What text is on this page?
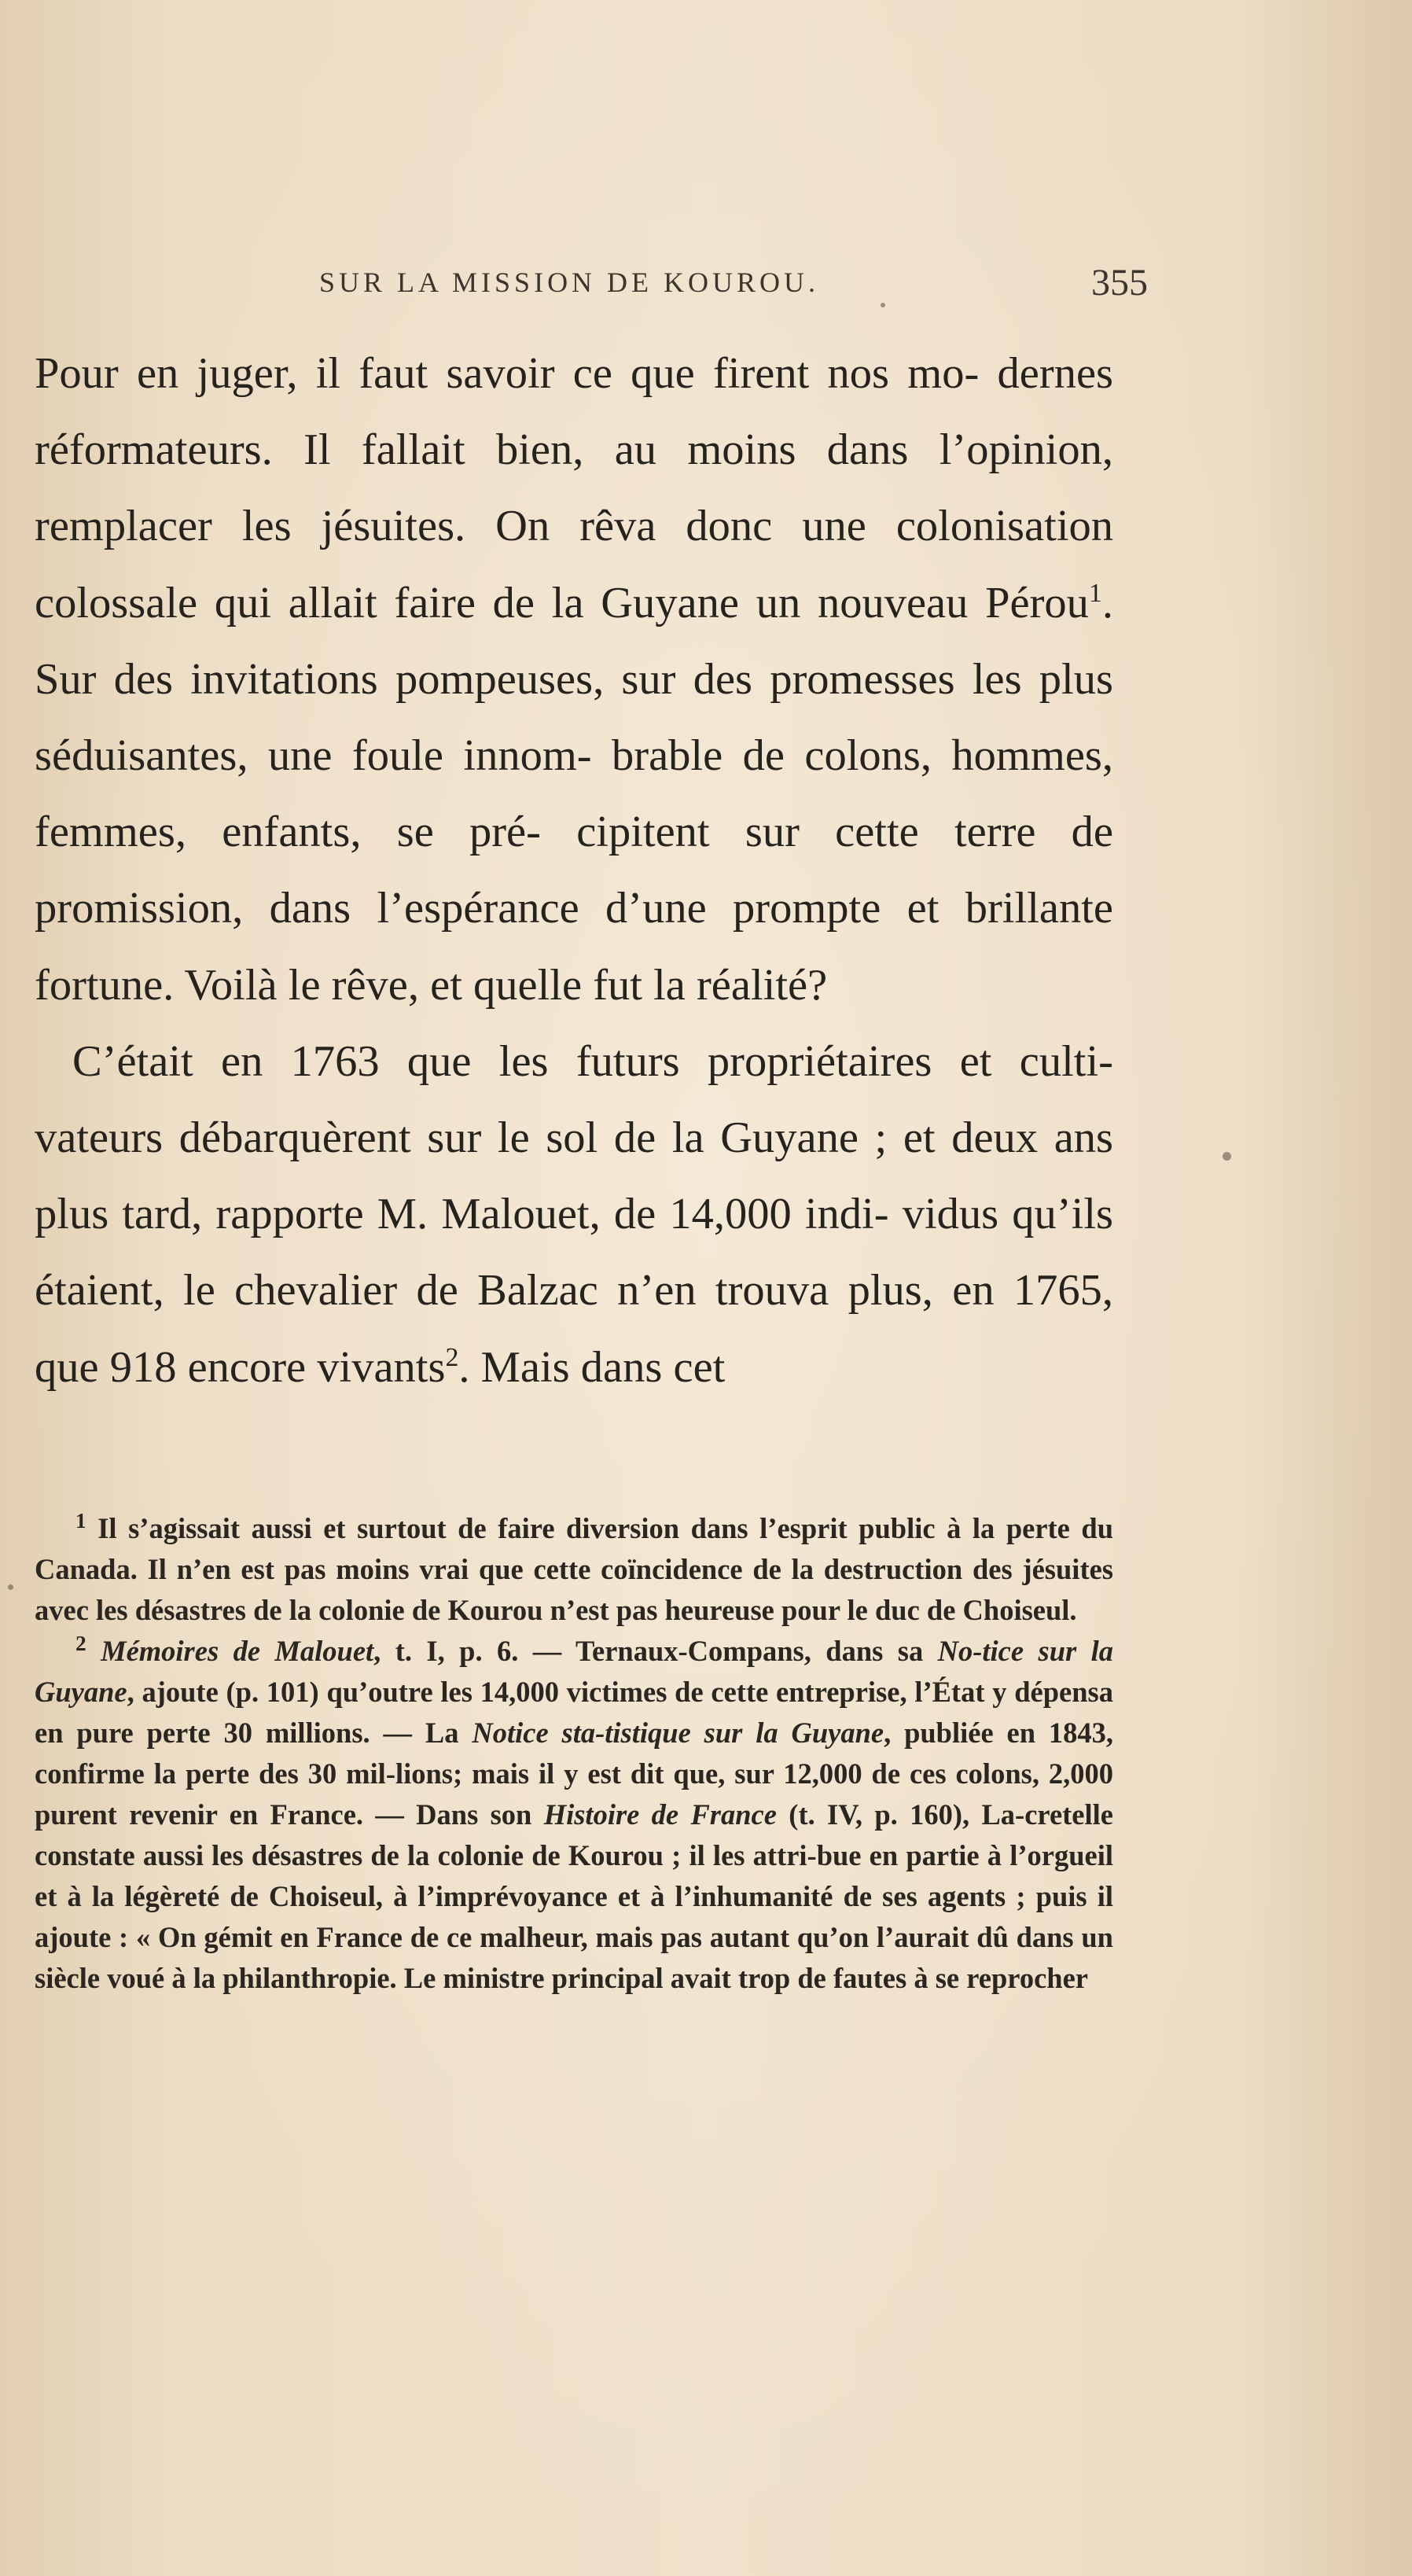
SUR LA MISSION DE KOUROU.	355

Pour en juger, il faut savoir ce que firent nos mo- dernes réformateurs. Il fallait bien, au moins dans l’opinion, remplacer les jésuites. On rêva donc une colonisation colossale qui allait faire de la Guyane un nouveau Pérou$^1$. Sur des invitations pompeuses, sur des promesses les plus séduisantes, une foule innom- brable de colons, hommes, femmes, enfants, se pré- cipitent sur cette terre de promission, dans l’espérance d’une prompte et brillante fortune. Voilà le rêve, et quelle fut la réalité?

C’était en 1763 que les futurs propriétaires et culti- vateurs débarquèrent sur le sol de la Guyane ; et deux ans plus tard, rapporte M. Malouet, de 14,000 indi- vidus qu’ils étaient, le chevalier de Balzac n’en trouva plus, en 1765, que 918 encore vivants$^2$. Mais dans cet

$^1$ Il s’agissait aussi et surtout de faire diversion dans l’esprit public à la perte du Canada. Il n’en est pas moins vrai que cette coïncidence de la destruction des jésuites avec les désastres de la colonie de Kourou n’est pas heureuse pour le duc de Choiseul.

$^2$ Mémoires de Malouet, t. I, p. 6. — Ternaux-Compans, dans sa No-tice sur la Guyane, ajoute (p. 101) qu’outre les 14,000 victimes de cette entreprise, l’État y dépensa en pure perte 30 millions. — La Notice sta-tistique sur la Guyane, publiée en 1843, confirme la perte des 30 mil-lions; mais il y est dit que, sur 12,000 de ces colons, 2,000 purent revenir en France. — Dans son Histoire de France (t. IV, p. 160), La-cretelle constate aussi les désastres de la colonie de Kourou ; il les attri-bue en partie à l’orgueil et à la légèreté de Choiseul, à l’imprévoyance et à l’inhumanité de ses agents ; puis il ajoute : « On gémit en France de ce malheur, mais pas autant qu’on l’aurait dû dans un siècle voué à la philanthropie. Le ministre principal avait trop de fautes à se reprocher
